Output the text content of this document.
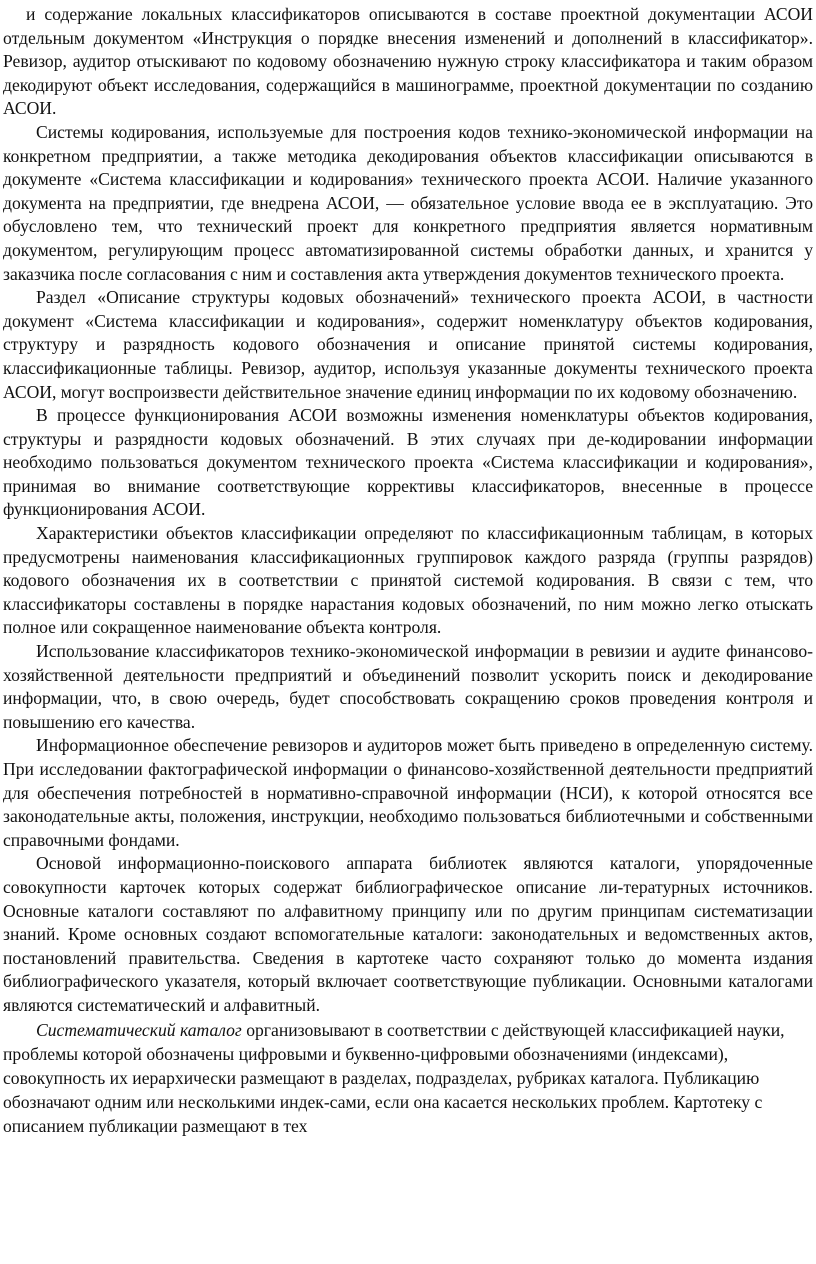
и содержание локальных классификаторов описываются в составе проектной документации АСОИ отдельным документом «Инструкция о порядке внесения изменений и дополнений в классификатор». Ревизор, аудитор отыскивают по кодовому обозначению нужную строку классификатора и таким образом декодируют объект исследования, содержащийся в машинограмме, проектной документации по созданию АСОИ.

Системы кодирования, используемые для построения кодов технико-экономической информации на конкретном предприятии, а также методика декодирования объектов классификации описываются в документе «Система классификации и кодирования» технического проекта АСОИ. Наличие указанного документа на предприятии, где внедрена АСОИ, — обязательное условие ввода ее в эксплуатацию. Это обусловлено тем, что технический проект для конкретного предприятия является нормативным документом, регулирующим процесс автоматизированной системы обработки данных, и хранится у заказчика после согласования с ним и составления акта утверждения документов технического проекта.

Раздел «Описание структуры кодовых обозначений» технического проекта АСОИ, в частности документ «Система классификации и кодирования», содержит номенклатуру объектов кодирования, структуру и разрядность кодового обозначения и описание принятой системы кодирования, классификационные таблицы. Ревизор, аудитор, используя указанные документы технического проекта АСОИ, могут воспроизвести действительное значение единиц информации по их кодовому обозначению.

В процессе функционирования АСОИ возможны изменения номенклатуры объектов кодирования, структуры и разрядности кодовых обозначений. В этих случаях при де-кодировании информации необходимо пользоваться документом технического проекта «Система классификации и кодирования», принимая во внимание соответствующие коррективы классификаторов, внесенные в процессе функционирования АСОИ.

Характеристики объектов классификации определяют по классификационным таблицам, в которых предусмотрены наименования классификационных группировок каждого разряда (группы разрядов) кодового обозначения их в соответствии с принятой системой кодирования. В связи с тем, что классификаторы составлены в порядке нарастания кодовых обозначений, по ним можно легко отыскать полное или сокращенное наименование объекта контроля.

Использование классификаторов технико-экономической информации в ревизии и аудите финансово-хозяйственной деятельности предприятий и объединений позволит ускорить поиск и декодирование информации, что, в свою очередь, будет способствовать сокращению сроков проведения контроля и повышению его качества.

Информационное обеспечение ревизоров и аудиторов может быть приведено в определенную систему. При исследовании фактографической информации о финансово-хозяйственной деятельности предприятий для обеспечения потребностей в нормативно-справочной информации (НСИ), к которой относятся все законодательные акты, положения, инструкции, необходимо пользоваться библиотечными и собственными справочными фондами.

Основой информационно-поискового аппарата библиотек являются каталоги, упорядоченные совокупности карточек которых содержат библиографическое описание ли-тературных источников. Основные каталоги составляют по алфавитному принципу или по другим принципам систематизации знаний. Кроме основных создают вспомогательные каталоги: законодательных и ведомственных актов, постановлений правительства. Сведения в картотеке часто сохраняют только до момента издания библиографического указателя, который включает соответствующие публикации. Основными каталогами являются систематический и алфавитный.

Систематический каталог организовывают в соответствии с действующей классификацией науки, проблемы которой обозначены цифровыми и буквенно-цифровыми обозначениями (индексами), совокупность их иерархически размещают в разделах, подразделах, рубриках каталога. Публикацию обозначают одним или несколькими индек-сами, если она касается нескольких проблем. Картотеку с описанием публикации размещают в тех
